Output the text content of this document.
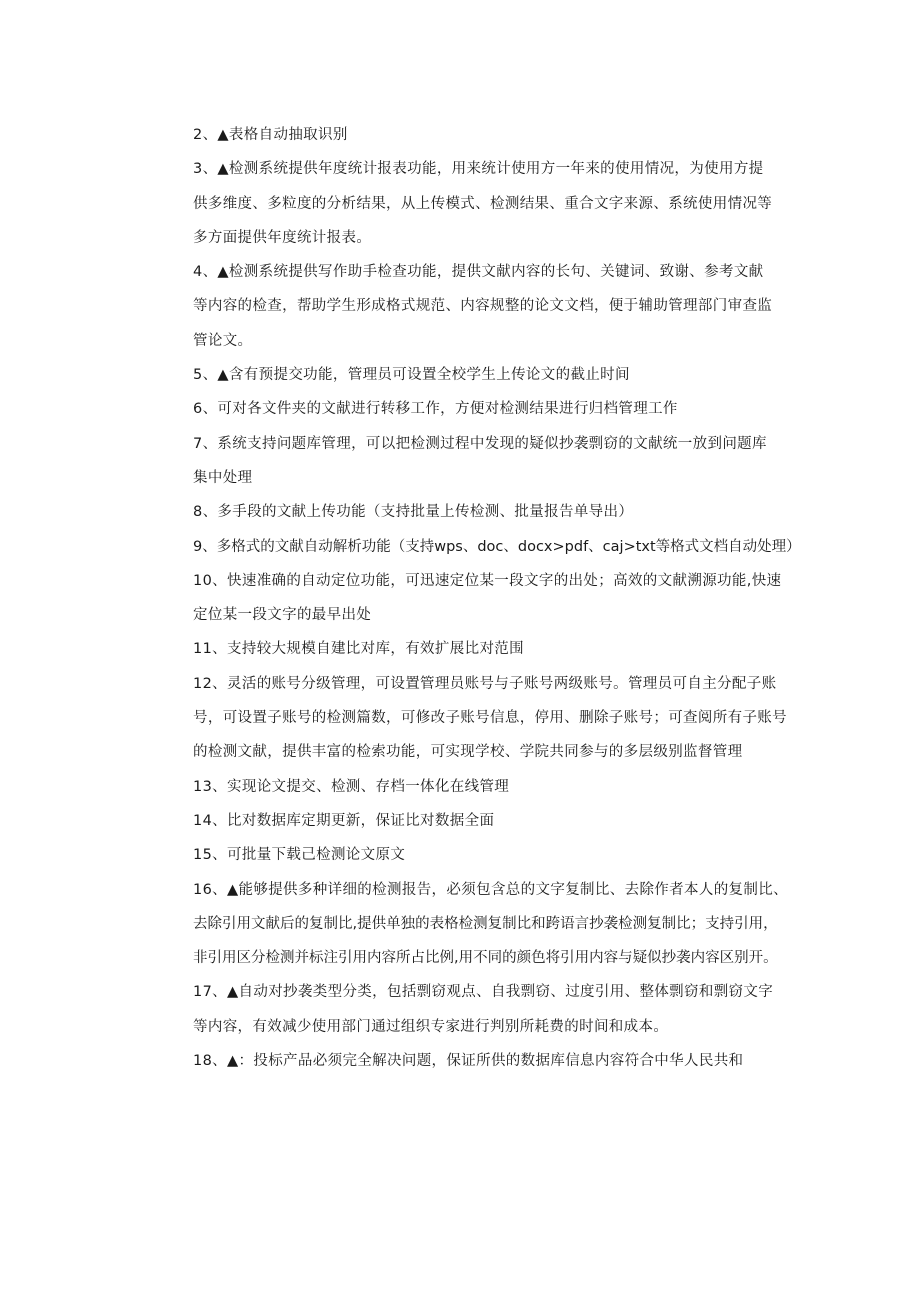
2、▲表格自动抽取识别
3、▲检测系统提供年度统计报表功能，用来统计使用方一年来的使用情况，为使用方提
供多维度、多粒度的分析结果，从上传模式、检测结果、重合文字来源、系统使用情况等
多方面提供年度统计报表。
4、▲检测系统提供写作助手检查功能，提供文献内容的长句、关键词、致谢、参考文献
等内容的检查，帮助学生形成格式规范、内容规整的论文文档，便于辅助管理部门审查监
管论文。
5、▲含有预提交功能，管理员可设置全校学生上传论文的截止时间
6、可对各文件夹的文献进行转移工作，方便对检测结果进行归档管理工作
7、系统支持问题库管理，可以把检测过程中发现的疑似抄袭剽窃的文献统一放到问题库
集中处理
8、多手段的文献上传功能（支持批量上传检测、批量报告单导出）
9、多格式的文献自动解析功能（支持wps、doc、docx>pdf、caj>txt等格式文档自动处理）
10、快速准确的自动定位功能，可迅速定位某一段文字的出处；高效的文献溯源功能,快速
定位某一段文字的最早出处
11、支持较大规模自建比对库，有效扩展比对范围
12、灵活的账号分级管理，可设置管理员账号与子账号两级账号。管理员可自主分配子账
号，可设置子账号的检测篇数，可修改子账号信息，停用、删除子账号；可查阅所有子账号
的检测文献，提供丰富的检索功能，可实现学校、学院共同参与的多层级别监督管理
13、实现论文提交、检测、存档一体化在线管理
14、比对数据库定期更新，保证比对数据全面
15、可批量下载己检测论文原文
16、▲能够提供多种详细的检测报告，必须包含总的文字复制比、去除作者本人的复制比、
去除引用文献后的复制比,提供单独的表格检测复制比和跨语言抄袭检测复制比；支持引用，
非引用区分检测并标注引用内容所占比例,用不同的颜色将引用内容与疑似抄袭内容区别开。
17、▲自动对抄袭类型分类，包括剽窃观点、自我剽窃、过度引用、整体剽窃和剽窃文字
等内容，有效减少使用部门通过组织专家进行判别所耗费的时间和成本。
18、▲：投标产品必须完全解决问题，保证所供的数据库信息内容符合中华人民共和
